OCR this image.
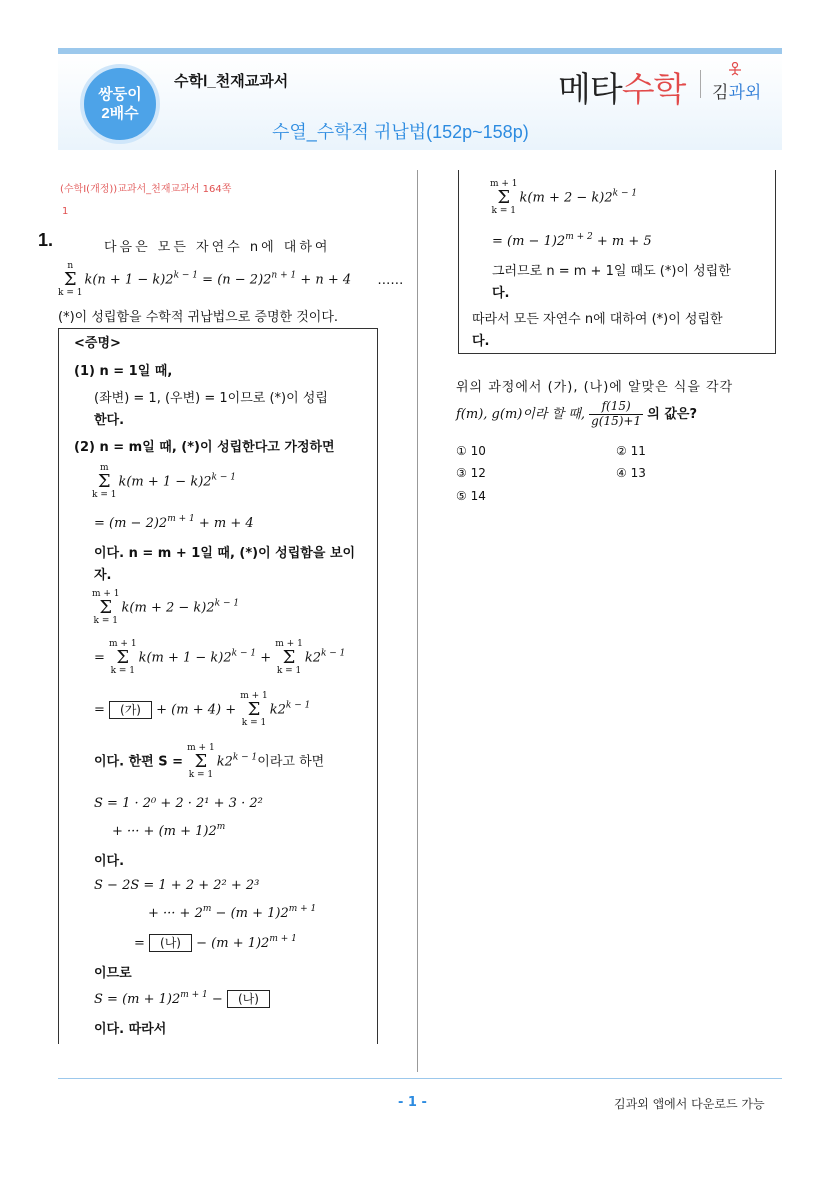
쌍둥이
2배수
수학Ⅰ_천재교과서	메타수학 김과외
수열_수학적 귀납법(152p~158p)
(수학I(개정))교과서_천재교과서 164쪽
1
1.	다음은 모든 자연수 n에 대하여
n
Σ
k = 1
$k(n + 1 - k)2^{k - 1} = (n - 2)2^{n + 1} + n + 4$ ……
(*)이 성립함을 수학적 귀납법으로 증명한 것이다.
<증명>
(1) n = 1일 때,
(좌변) = 1, (우변) = 1이므로 (*)이 성립
한다.
(2) n = m일 때, (*)이 성립한다고 가정하면
m
Σ
k = 1
$k(m + 1 - k)2^{k - 1}$
= $(m - 2)2^{m + 1} + m + 4$
이다. n = m + 1일 때, (*)이 성립함을 보이
자.
m + 1
Σ
k = 1
$k(m + 2 - k)2^{k - 1}$
=
m + 1
Σ
k = 1
$k(m + 1 - k)2^{k - 1}$ +
m + 1
Σ
k = 1
$k2^{k - 1}$
= (가) + (m + 4) +
m + 1
Σ
k = 1
$k2^{k - 1}$
이다. 한편 S =
m + 1
Σ
k = 1
$k2^{k - 1}$이라고 하면
S = 1 · 2⁰ + 2 · 2¹ + 3 · 2²
+ ··· + $(m + 1)2^m$
이다.
S − 2S = 1 + 2 + 2² + 2³
+ ··· + $2^m - (m + 1)2^{m + 1}$
= (나) − $(m + 1)2^{m + 1}$
이므로
$S = (m + 1)2^{m + 1}$ − (나)
이다. 따라서
m + 1
Σ
k = 1
$k(m + 2 - k)2^{k - 1}$
= $(m - 1)2^{m + 2} + m + 5$
그러므로 n = m + 1일 때도 (*)이 성립한
다.
따라서 모든 자연수 n에 대하여 (*)이 성립한
다.
위의 과정에서 (가), (나)에 알맞은 식을 각각
f(m), g(m)이라 할 때, $\frac{f(15)}{g(15)+1}$ 의 값은?
① 10	② 11
③ 12	④ 13
⑤ 14
- 1 -	김과외 앱에서 다운로드 가능
